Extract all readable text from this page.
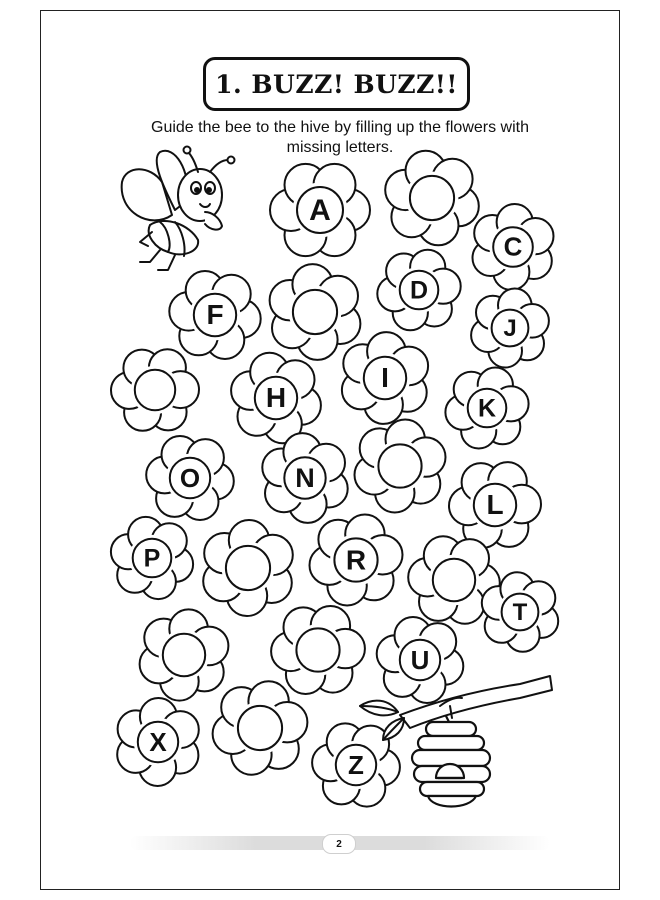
1. BUZZ! BUZZ!!
Guide the bee to the hive by filling up the flowers with
missing letters.
A
C
D
F	J
H
I
K
O	N
L
P	R
T
U
X
Z
2
